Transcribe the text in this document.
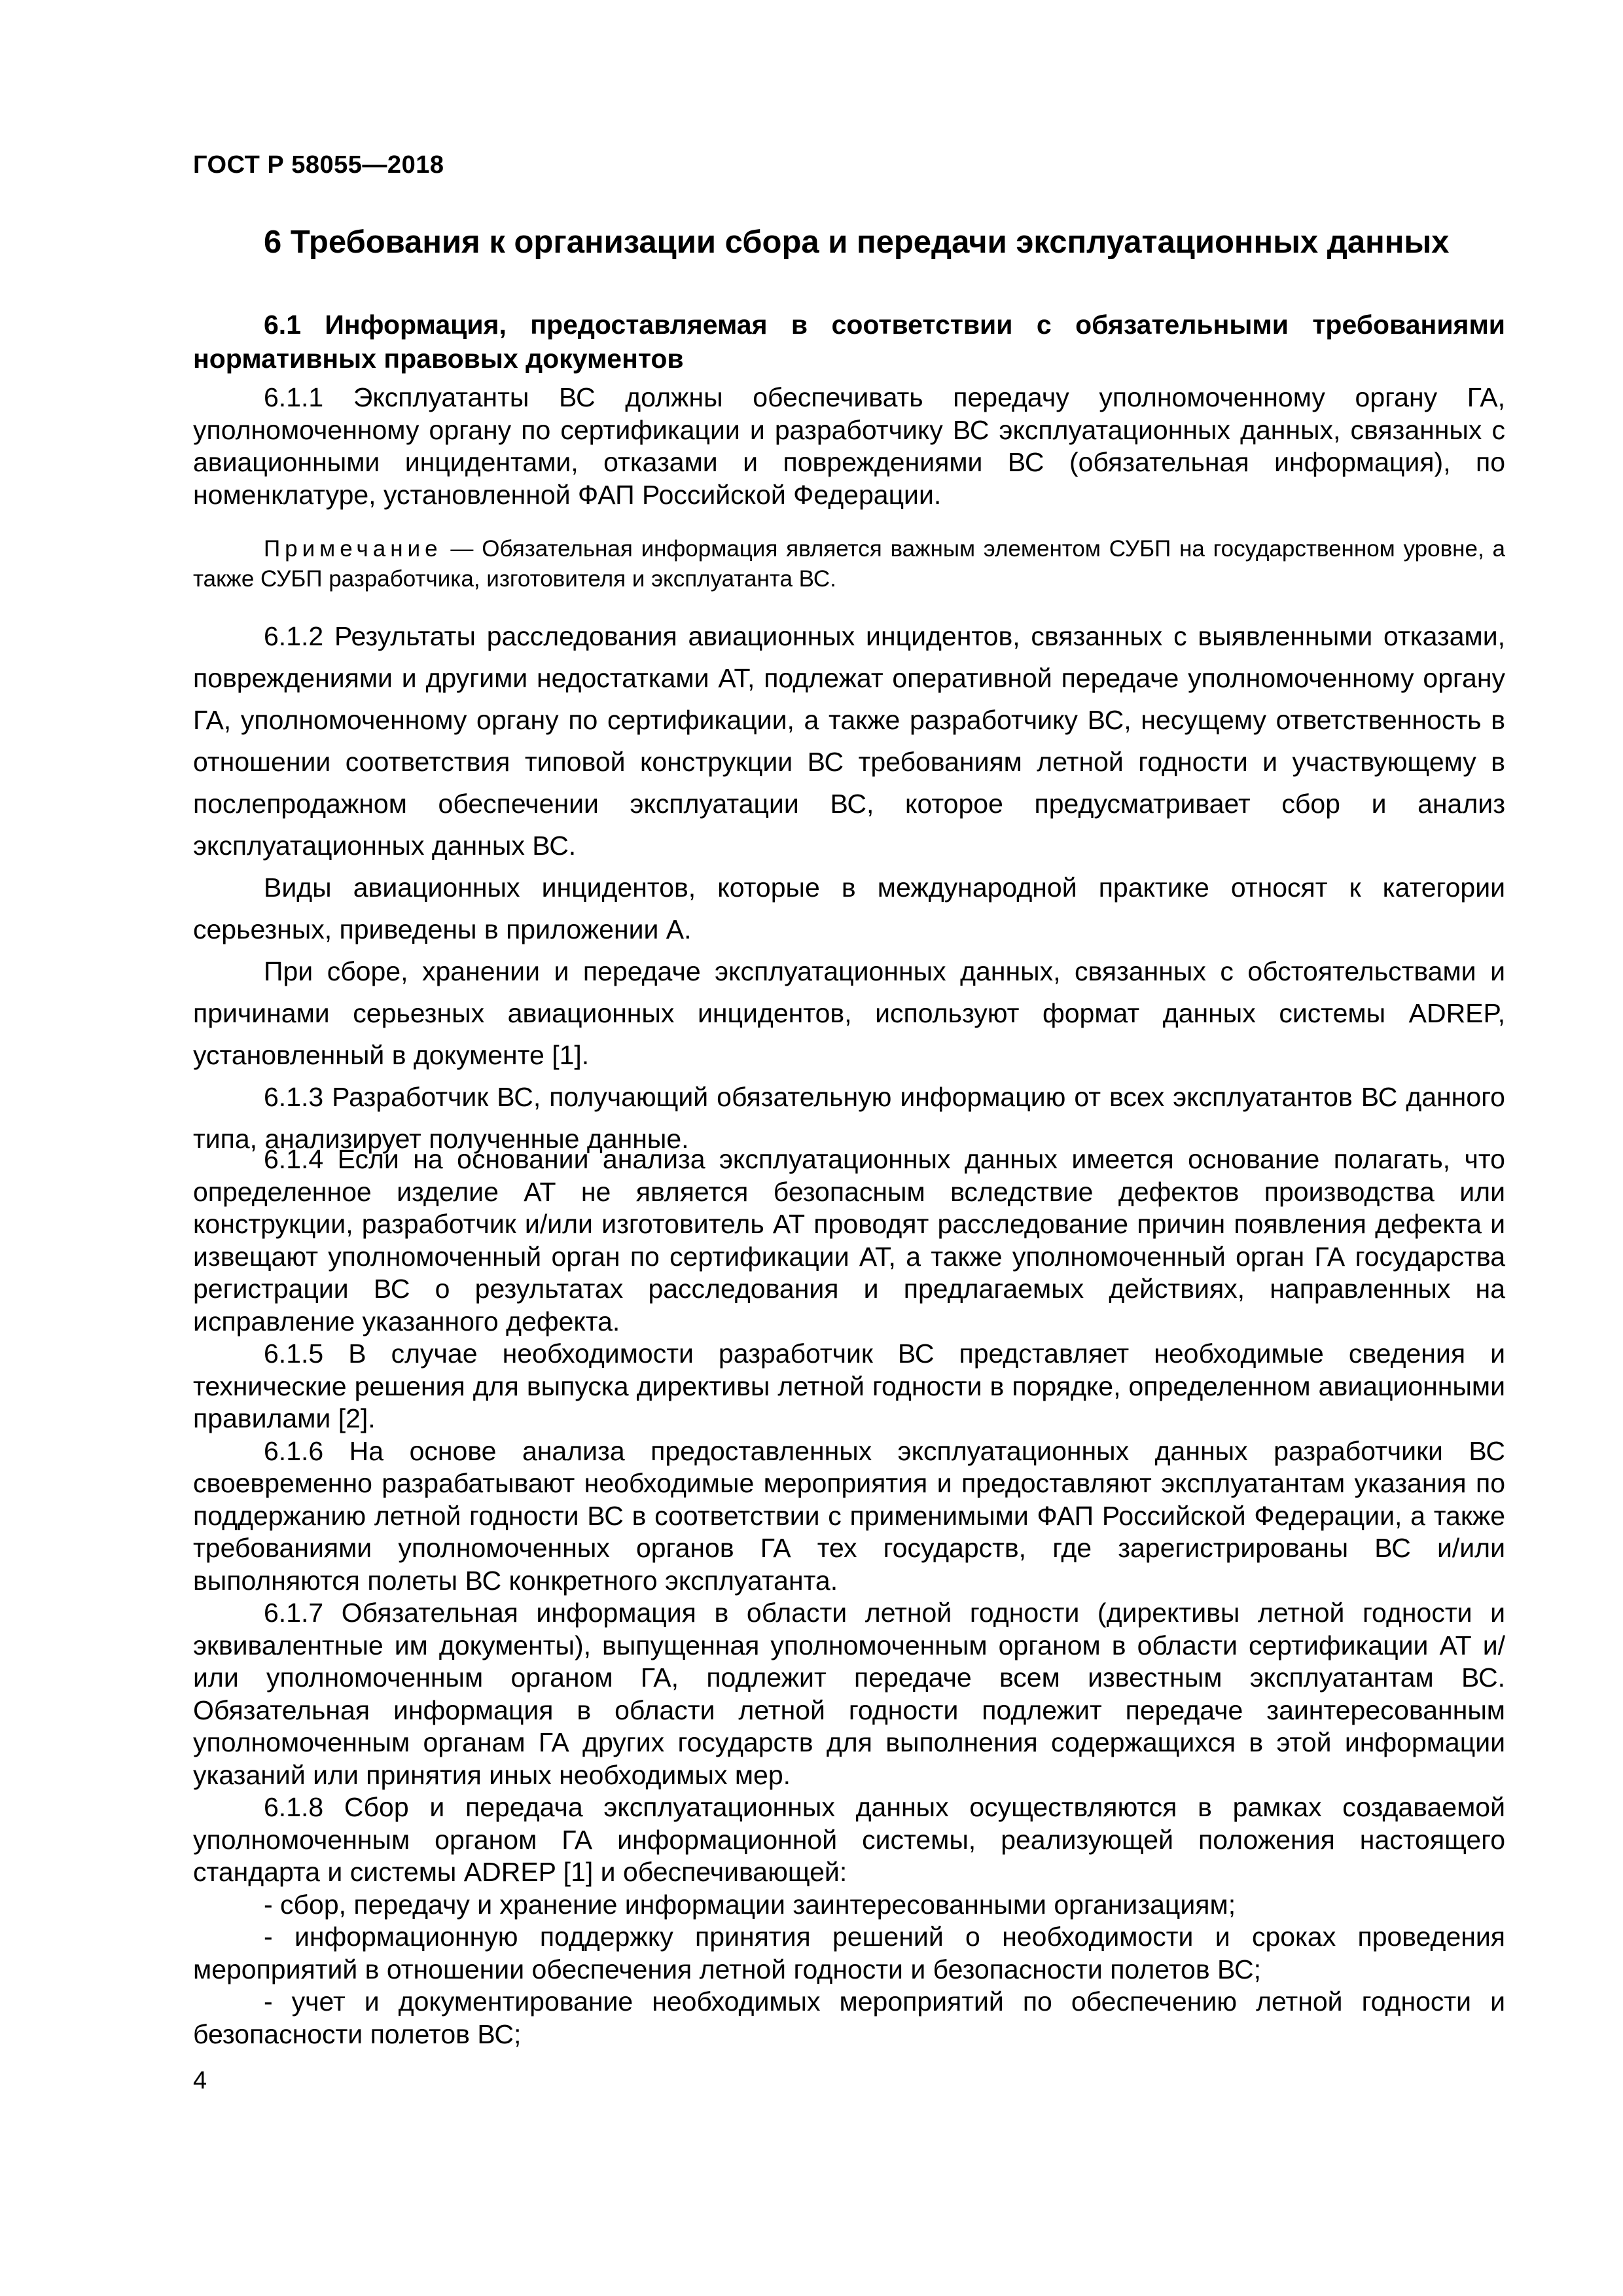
ГОСТ Р 58055—2018
6 Требования к организации сбора и передачи эксплуатационных данных
6.1 Информация, предоставляемая в соответствии с обязательными требованиями нормативных правовых документов

6.1.1 Эксплуатанты ВС должны обеспечивать передачу уполномоченному органу ГА, уполномоченному органу по сертификации и разработчику ВС эксплуатационных данных, связанных с авиационными инцидентами, отказами и повреждениями ВС (обязательная информация), по номенклатуре, установленной ФАП Российской Федерации.

Примечание — Обязательная информация является важным элементом СУБП на государственном уровне, а также СУБП разработчика, изготовителя и эксплуатанта ВС.

6.1.2 Результаты расследования авиационных инцидентов, связанных с выявленными отказами, повреждениями и другими недостатками АТ, подлежат оперативной передаче уполномоченному органу ГА, уполномоченному органу по сертификации, а также разработчику ВС, несущему ответственность в отношении соответствия типовой конструкции ВС требованиям летной годности и участвующему в послепродажном обеспечении эксплуатации ВС, которое предусматривает сбор и анализ эксплуатационных данных ВС.

Виды авиационных инцидентов, которые в международной практике относят к категории серьезных, приведены в приложении А.

При сборе, хранении и передаче эксплуатационных данных, связанных с обстоятельствами и причинами серьезных авиационных инцидентов, используют формат данных системы ADREP, установленный в документе [1].

6.1.3 Разработчик ВС, получающий обязательную информацию от всех эксплуатантов ВС данного типа, анализирует полученные данные.

6.1.4 Если на основании анализа эксплуатационных данных имеется основание полагать, что определенное изделие АТ не является безопасным вследствие дефектов производства или конструкции, разработчик и/или изготовитель АТ проводят расследование причин появления дефекта и извещают уполномоченный орган по сертификации АТ, а также уполномоченный орган ГА государства регистрации ВС о результатах расследования и предлагаемых действиях, направленных на исправление указанного дефекта.

6.1.5 В случае необходимости разработчик ВС представляет необходимые сведения и технические решения для выпуска директивы летной годности в порядке, определенном авиационными правилами [2].

6.1.6 На основе анализа предоставленных эксплуатационных данных разработчики ВС своевременно разрабатывают необходимые мероприятия и предоставляют эксплуатантам указания по поддержанию летной годности ВС в соответствии с применимыми ФАП Российской Федерации, а также требованиями уполномоченных органов ГА тех государств, где зарегистрированы ВС и/или выполняются полеты ВС конкретного эксплуатанта.

6.1.7 Обязательная информация в области летной годности (директивы летной годности и эквивалентные им документы), выпущенная уполномоченным органом в области сертификации АТ и/или уполномоченным органом ГА, подлежит передаче всем известным эксплуатантам ВС. Обязательная информация в области летной годности подлежит передаче заинтересованным уполномоченным органам ГА других государств для выполнения содержащихся в этой информации указаний или принятия иных необходимых мер.

6.1.8 Сбор и передача эксплуатационных данных осуществляются в рамках создаваемой уполномоченным органом ГА информационной системы, реализующей положения настоящего стандарта и системы ADREP [1] и обеспечивающей:

- сбор, передачу и хранение информации заинтересованными организациям;

- информационную поддержку принятия решений о необходимости и сроках проведения мероприятий в отношении обеспечения летной годности и безопасности полетов ВС;

- учет и документирование необходимых мероприятий по обеспечению летной годности и безопасности полетов ВС;

4
